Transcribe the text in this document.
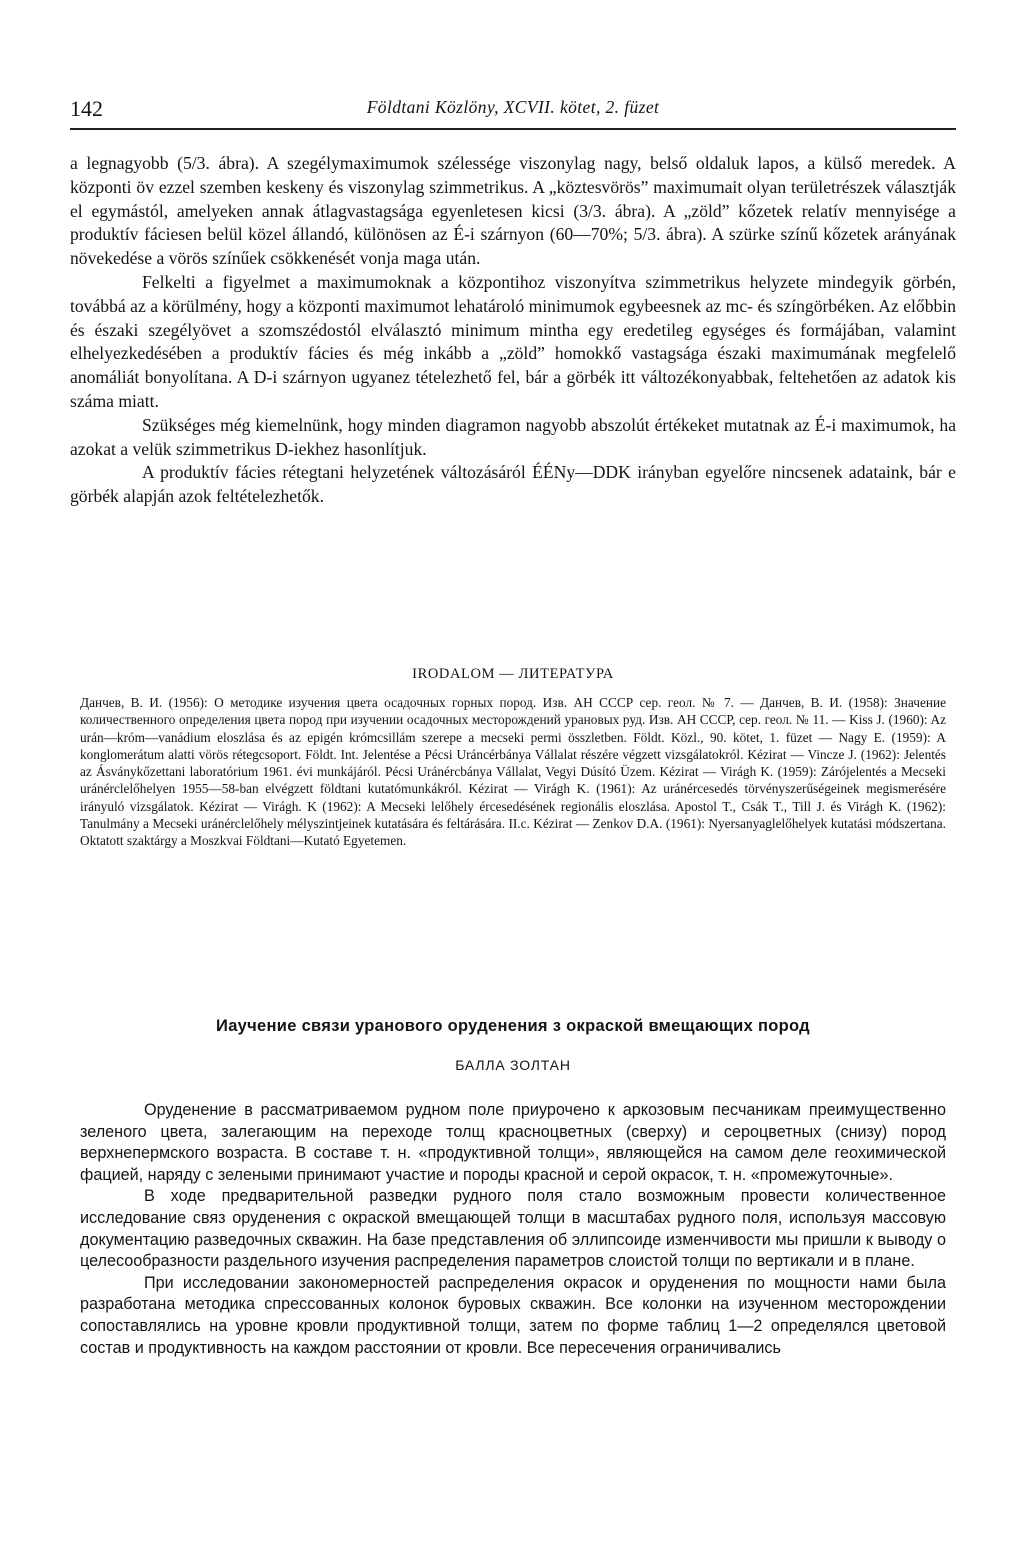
142	Földtani Közlöny, XCVII. kötet, 2. füzet

a legnagyobb (5/3. ábra). A szegélymaximumok szélessége viszonylag nagy, belső oldaluk lapos, a külső meredek. A központi öv ezzel szemben keskeny és viszonylag szimmetrikus. A „köztesvörös” maximumait olyan területrészek választják el egymástól, amelyeken annak átlagvastagsága egyenletesen kicsi (3/3. ábra). A „zöld” kőzetek relatív mennyisége a produktív fáciesen belül közel állandó, különösen az É-i szárnyon (60—70%; 5/3. ábra). A szürke színű kőzetek arányának növekedése a vörös színűek csökkenését vonja maga után.

Felkelti a figyelmet a maximumoknak a központihoz viszonyítva szimmetrikus helyzete mindegyik görbén, továbbá az a körülmény, hogy a központi maximumot lehatároló minimumok egybeesnek az mc- és színgörbéken. Az előbbin és északi szegélyövet a szomszédostól elválasztó minimum mintha egy eredetileg egységes és formájában, valamint elhelyezkedésében a produktív fácies és még inkább a „zöld” homokkő vastagsága északi maximumának megfelelő anomáliát bonyolítana. A D-i szárnyon ugyanez tételezhető fel, bár a görbék itt változékonyabbak, feltehetően az adatok kis száma miatt.

Szükséges még kiemelnünk, hogy minden diagramon nagyobb abszolút értékeket mutatnak az É-i maximumok, ha azokat a velük szimmetrikus D-iekhez hasonlítjuk.

A produktív fácies rétegtani helyzetének változásáról ÉÉNy—DDK irányban egyelőre nincsenek adataink, bár e görbék alapján azok feltételezhetők.

IRODALOM — ЛИТЕРАТУРА

Данчев, В. И. (1956): О методике изучения цвета осадочных горных пород. Изв. АН СССР сер. геол. № 7. — Данчев, В. И. (1958): Значение количественного определения цвета пород при изучении осадочных месторождений урановых руд. Изв. АН СССР, сер. геол. № 11. — Kiss J. (1960): Az urán—króm—vanádium eloszlása és az epigén krómcsillám szerepe a mecseki permi összletben. Földt. Közl., 90. kötet, 1. füzet — Nagy E. (1959): A konglomerátum alatti vörös rétegcsoport. Földt. Int. Jelentése a Pécsi Uráncérbánya Vállalat részére végzett vizsgálatokról. Kézirat — Vincze J. (1962): Jelentés az Ásványkőzettani laboratórium 1961. évi munkájáról. Pécsi Uránércbánya Vállalat, Vegyi Dúsító Üzem. Kézirat — Virágh K. (1959): Zárójelentés a Mecseki uránérclelőhelyen 1955—58-ban elvégzett földtani kutatómunkákról. Kézirat — Virágh K. (1961): Az uránércesedés törvényszerűségeinek megismerésére irányuló vizsgálatok. Kézirat — Virágh. K (1962): A Mecseki lelőhely ércesedésének regionális eloszlása. Apostol T., Csák T., Till J. és Virágh K. (1962): Tanulmány a Mecseki uránérclelőhely mélyszintjeinek kutatására és feltárására. II.c. Kézirat — Zenkov D.A. (1961): Nyersanyaglelőhelyek kutatási módszertana. Oktatott szaktárgy a Moszkvai Földtani—Kutató Egyetemen.

Иаучение связи уранового оруденения з окраской вмещающих пород
БАЛЛА ЗОЛТАН

Оруденение в рассматриваемом рудном поле приурочено к аркозовым песчаникам преимущественно зеленого цвета, залегающим на переходе толщ красноцветных (сверху) и сероцветных (снизу) пород верхнепермского возраста. В составе т. н. «продуктивной толщи», являющейся на самом деле геохимической фацией, наряду с зелеными принимают участие и породы красной и серой окрасок, т. н. «промежуточные».

В ходе предварительной разведки рудного поля стало возможным провести количественное исследование связ оруденения с окраской вмещающей толщи в масштабах рудного поля, используя массовую документацию разведочных скважин. На базе представления об эллипсоиде изменчивости мы пришли к выводу о целесообразности раздельного изучения распределения параметров слоистой толщи по вертикали и в плане.

При исследовании закономерностей распределения окрасок и оруденения по мощности нами была разработана методика спрессованных колонок буровых скважин. Все колонки на изученном месторождении сопоставлялись на уровне кровли продуктивной толщи, затем по форме таблиц 1—2 определялся цветовой состав и продуктивность на каждом расстоянии от кровли. Все пересечения ограничивались
